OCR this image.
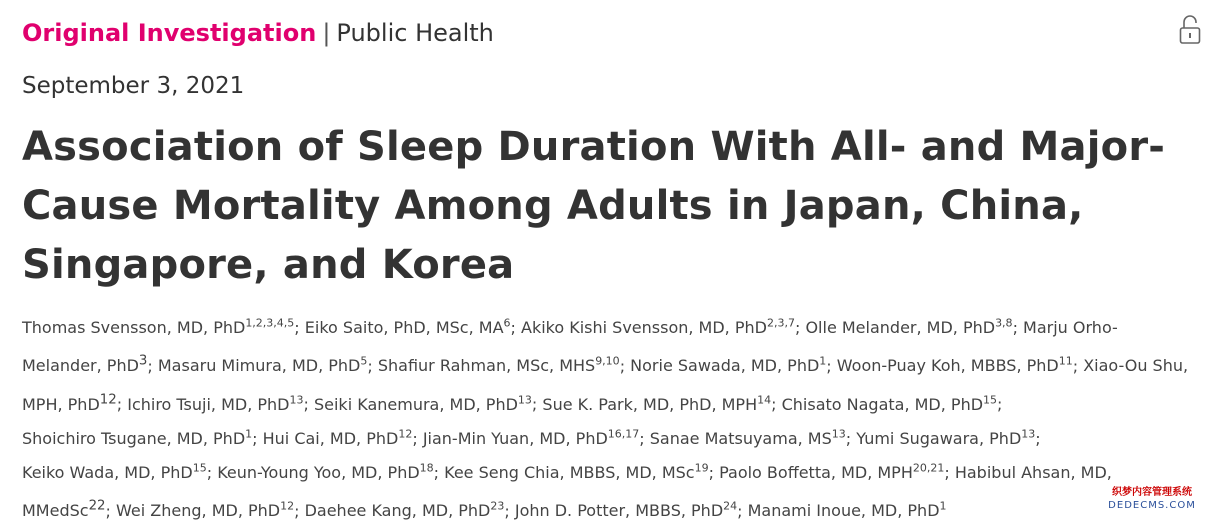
Original Investigation | Public Health
September 3, 2021
Association of Sleep Duration With All- and Major-Cause Mortality Among Adults in Japan, China, Singapore, and Korea
Thomas Svensson, MD, PhD$^{1,2,3,4,5}$; Eiko Saito, PhD, MSc, $MA^6$; Akiko Kishi Svensson, MD, PhD$^{2,3,7}$; Olle Melander, MD, PhD$^{3,8}$; Marju Orho-Melander, PhD$^3$; Masaru Mimura, MD, PhD$^5$; Shafiur Rahman, MSc, MHS$^{9,10}$; Norie Sawada, MD, PhD$^1$; Woon-Puay Koh, MBBS, PhD$^{11}$; Xiao-Ou Shu, MPH, PhD$^{12}$; Ichiro Tsuji, MD, PhD$^{13}$; Seiki Kanemura, MD, PhD$^{13}$; Sue K. Park, MD, PhD, MPH$^{14}$; Chisato Nagata, MD, PhD$^{15}$; Shoichiro Tsugane, MD, PhD$^1$; Hui Cai, MD, PhD$^{12}$; Jian-Min Yuan, MD, PhD$^{16,17}$; Sanae Matsuyama, MS$^{13}$; Yumi Sugawara, PhD$^{13}$; Keiko Wada, MD, PhD$^{15}$; Keun-Young Yoo, MD, PhD$^{18}$; Kee Seng Chia, MBBS, MD, MSc$^{19}$; Paolo Boffetta, MD, MPH$^{20,21}$; Habibul Ahsan, MD, MMedSc$^{22}$; Wei Zheng, MD, PhD$^{12}$; Daehee Kang, MD, PhD$^{23}$; John D. Potter, MBBS, PhD$^{24}$; Manami Inoue, MD, PhD$^1$
织梦内容管理系统
DEDECMS.COM
